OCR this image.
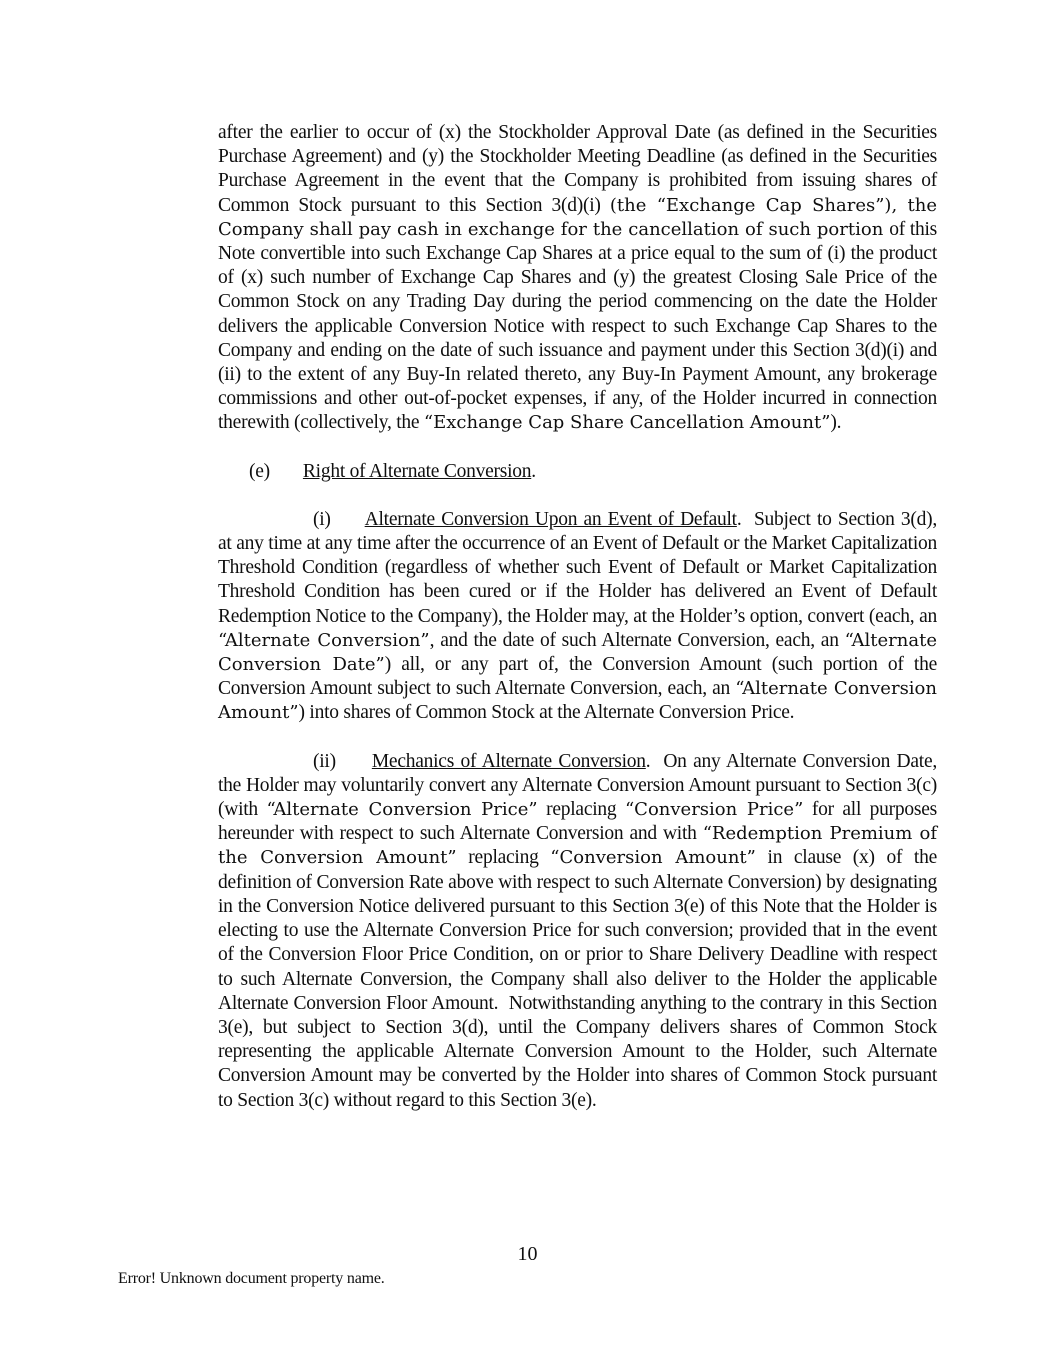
after the earlier to occur of (x) the Stockholder Approval Date (as defined in the Securities Purchase Agreement) and (y) the Stockholder Meeting Deadline (as defined in the Securities Purchase Agreement in the event that the Company is prohibited from issuing shares of Common Stock pursuant to this Section 3(d)(i) (the “Exchange Cap Shares”), the Company shall pay cash in exchange for the cancellation of such portion of this Note convertible into such Exchange Cap Shares at a price equal to the sum of (i) the product of (x) such number of Exchange Cap Shares and (y) the greatest Closing Sale Price of the Common Stock on any Trading Day during the period commencing on the date the Holder delivers the applicable Conversion Notice with respect to such Exchange Cap Shares to the Company and ending on the date of such issuance and payment under this Section 3(d)(i) and (ii) to the extent of any Buy-In related thereto, any Buy-In Payment Amount, any brokerage commissions and other out-of-pocket expenses, if any, of the Holder incurred in connection therewith (collectively, the “Exchange Cap Share Cancellation Amount”).

(e) Right of Alternate Conversion.

(i) Alternate Conversion Upon an Event of Default.  Subject to Section 3(d), at any time at any time after the occurrence of an Event of Default or the Market Capitalization Threshold Condition (regardless of whether such Event of Default or Market Capitalization Threshold Condition has been cured or if the Holder has delivered an Event of Default Redemption Notice to the Company), the Holder may, at the Holder’s option, convert (each, an “Alternate Conversion”, and the date of such Alternate Conversion, each, an “Alternate Conversion Date”) all, or any part of, the Conversion Amount (such portion of the Conversion Amount subject to such Alternate Conversion, each, an “Alternate Conversion Amount”) into shares of Common Stock at the Alternate Conversion Price.

(ii) Mechanics of Alternate Conversion.  On any Alternate Conversion Date, the Holder may voluntarily convert any Alternate Conversion Amount pursuant to Section 3(c) (with “Alternate Conversion Price” replacing “Conversion Price” for all purposes hereunder with respect to such Alternate Conversion and with “Redemption Premium of the Conversion Amount” replacing “Conversion Amount” in clause (x) of the definition of Conversion Rate above with respect to such Alternate Conversion) by designating in the Conversion Notice delivered pursuant to this Section 3(e) of this Note that the Holder is electing to use the Alternate Conversion Price for such conversion; provided that in the event of the Conversion Floor Price Condition, on or prior to Share Delivery Deadline with respect to such Alternate Conversion, the Company shall also deliver to the Holder the applicable Alternate Conversion Floor Amount.  Notwithstanding anything to the contrary in this Section 3(e), but subject to Section 3(d), until the Company delivers shares of Common Stock representing the applicable Alternate Conversion Amount to the Holder, such Alternate Conversion Amount may be converted by the Holder into shares of Common Stock pursuant to Section 3(c) without regard to this Section 3(e).

10
Error! Unknown document property name.
